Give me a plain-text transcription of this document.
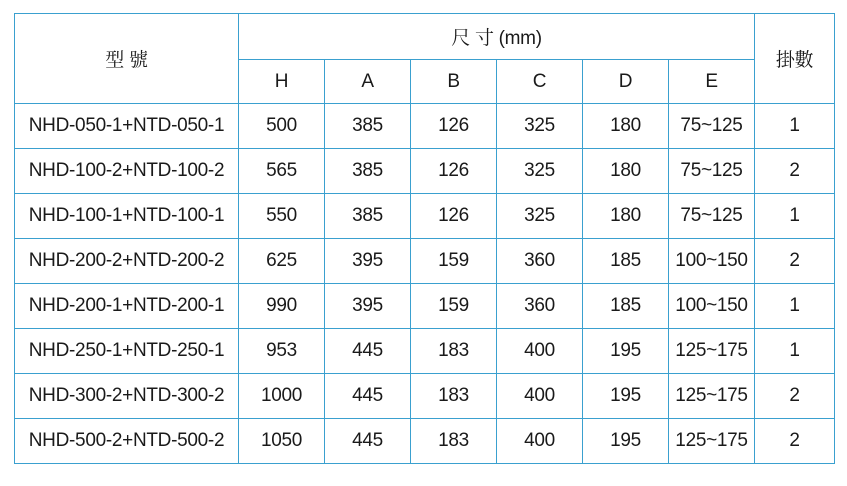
型 號	尺 寸 (mm)						掛數
	H	A	B	C	D	E	
NHD-050-1+NTD-050-1	500	385	126	325	180	75~125	1
NHD-100-2+NTD-100-2	565	385	126	325	180	75~125	2
NHD-100-1+NTD-100-1	550	385	126	325	180	75~125	1
NHD-200-2+NTD-200-2	625	395	159	360	185	100~150	2
NHD-200-1+NTD-200-1	990	395	159	360	185	100~150	1
NHD-250-1+NTD-250-1	953	445	183	400	195	125~175	1
NHD-300-2+NTD-300-2	1000	445	183	400	195	125~175	2
NHD-500-2+NTD-500-2	1050	445	183	400	195	125~175	2
